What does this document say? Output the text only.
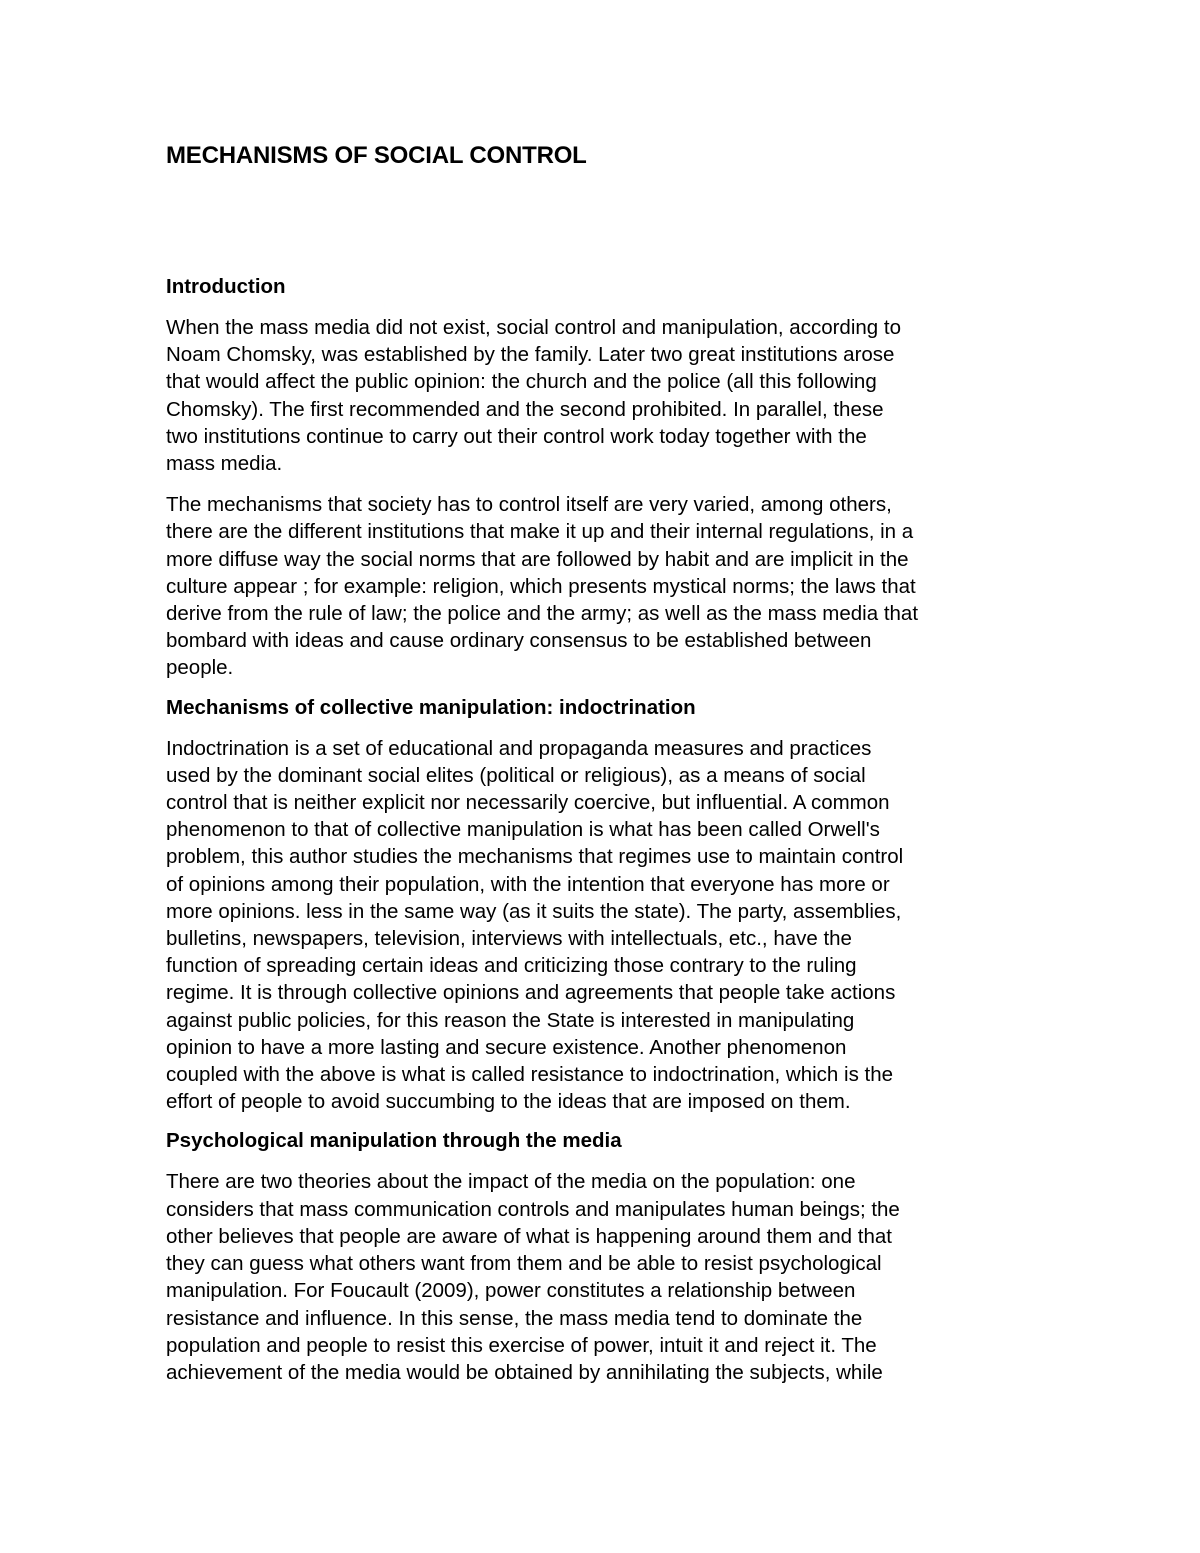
MECHANISMS OF SOCIAL CONTROL
Introduction

When the mass media did not exist, social control and manipulation, according to
Noam Chomsky, was established by the family. Later two great institutions arose
that would affect the public opinion: the church and the police (all this following
Chomsky). The first recommended and the second prohibited. In parallel, these
two institutions continue to carry out their control work today together with the
mass media.

The mechanisms that society has to control itself are very varied, among others,
there are the different institutions that make it up and their internal regulations, in a
more diffuse way the social norms that are followed by habit and are implicit in the
culture appear ; for example: religion, which presents mystical norms; the laws that
derive from the rule of law; the police and the army; as well as the mass media that
bombard with ideas and cause ordinary consensus to be established between
people.

Mechanisms of collective manipulation: indoctrination

Indoctrination is a set of educational and propaganda measures and practices
used by the dominant social elites (political or religious), as a means of social
control that is neither explicit nor necessarily coercive, but influential. A common
phenomenon to that of collective manipulation is what has been called Orwell's
problem, this author studies the mechanisms that regimes use to maintain control
of opinions among their population, with the intention that everyone has more or
more opinions. less in the same way (as it suits the state). The party, assemblies,
bulletins, newspapers, television, interviews with intellectuals, etc., have the
function of spreading certain ideas and criticizing those contrary to the ruling
regime. It is through collective opinions and agreements that people take actions
against public policies, for this reason the State is interested in manipulating
opinion to have a more lasting and secure existence. Another phenomenon
coupled with the above is what is called resistance to indoctrination, which is the
effort of people to avoid succumbing to the ideas that are imposed on them.

Psychological manipulation through the media

There are two theories about the impact of the media on the population: one
considers that mass communication controls and manipulates human beings; the
other believes that people are aware of what is happening around them and that
they can guess what others want from them and be able to resist psychological
manipulation. For Foucault (2009), power constitutes a relationship between
resistance and influence. In this sense, the mass media tend to dominate the
population and people to resist this exercise of power, intuit it and reject it. The
achievement of the media would be obtained by annihilating the subjects, while
